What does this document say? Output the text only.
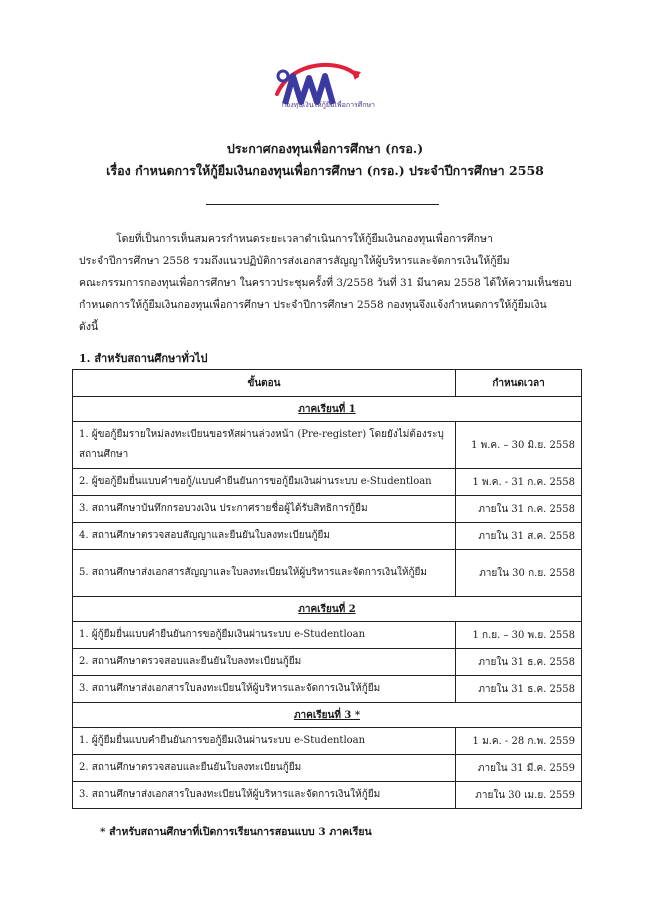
กองทุนเงินให้กู้ยืมเพื่อการศึกษา
ประกาศกองทุนเพื่อการศึกษา (กรอ.)
เรื่อง กำหนดการให้กู้ยืมเงินกองทุนเพื่อการศึกษา (กรอ.) ประจำปีการศึกษา 2558
โดยที่เป็นการเห็นสมควรกำหนดระยะเวลาดำเนินการให้กู้ยืมเงินกองทุนเพื่อการศึกษา
ประจำปีการศึกษา 2558 รวมถึงแนวปฏิบัติการส่งเอกสารสัญญาให้ผู้บริหารและจัดการเงินให้กู้ยืม
คณะกรรมการกองทุนเพื่อการศึกษา ในคราวประชุมครั้งที่ 3/2558 วันที่ 31 มีนาคม 2558 ได้ให้ความเห็นชอบ
กำหนดการให้กู้ยืมเงินกองทุนเพื่อการศึกษา ประจำปีการศึกษา 2558 กองทุนจึงแจ้งกำหนดการให้กู้ยืมเงิน
ดังนี้
1. สำหรับสถานศึกษาทั่วไป
ขั้นตอน	กำหนดเวลา
ภาคเรียนที่ 1	
1. ผู้ขอกู้ยืมรายใหม่ลงทะเบียนขอรหัสผ่านล่วงหน้า (Pre-register) โดยยังไม่ต้องระบุสถานศึกษา	1 พ.ค. – 30 มิ.ย. 2558
2. ผู้ขอกู้ยืมยื่นแบบคำขอกู้/แบบคำยืนยันการขอกู้ยืมเงินผ่านระบบ e-Studentloan	1 พ.ค. - 31 ก.ค. 2558
3. สถานศึกษาบันทึกกรอบวงเงิน ประกาศรายชื่อผู้ได้รับสิทธิการกู้ยืม	ภายใน 31 ก.ค. 2558
4. สถานศึกษาตรวจสอบสัญญาและยืนยันใบลงทะเบียนกู้ยืม	ภายใน 31 ส.ค. 2558
5. สถานศึกษาส่งเอกสารสัญญาและใบลงทะเบียนให้ผู้บริหารและจัดการเงินให้กู้ยืม	ภายใน 30 ก.ย. 2558
ภาคเรียนที่ 2	
1. ผู้กู้ยืมยื่นแบบคำยืนยันการขอกู้ยืมเงินผ่านระบบ e-Studentloan	1 ก.ย. – 30 พ.ย. 2558
2. สถานศึกษาตรวจสอบและยืนยันใบลงทะเบียนกู้ยืม	ภายใน 31 ธ.ค. 2558
3. สถานศึกษาส่งเอกสารใบลงทะเบียนให้ผู้บริหารและจัดการเงินให้กู้ยืม	ภายใน 31 ธ.ค. 2558
ภาคเรียนที่ 3 *	
1. ผู้กู้ยืมยื่นแบบคำยืนยันการขอกู้ยืมเงินผ่านระบบ e-Studentloan	1 ม.ค. - 28 ก.พ. 2559
2. สถานศึกษาตรวจสอบและยืนยันใบลงทะเบียนกู้ยืม	ภายใน 31 มี.ค. 2559
3. สถานศึกษาส่งเอกสารใบลงทะเบียนให้ผู้บริหารและจัดการเงินให้กู้ยืม	ภายใน 30 เม.ย. 2559
* สำหรับสถานศึกษาที่เปิดการเรียนการสอนแบบ 3 ภาคเรียน
